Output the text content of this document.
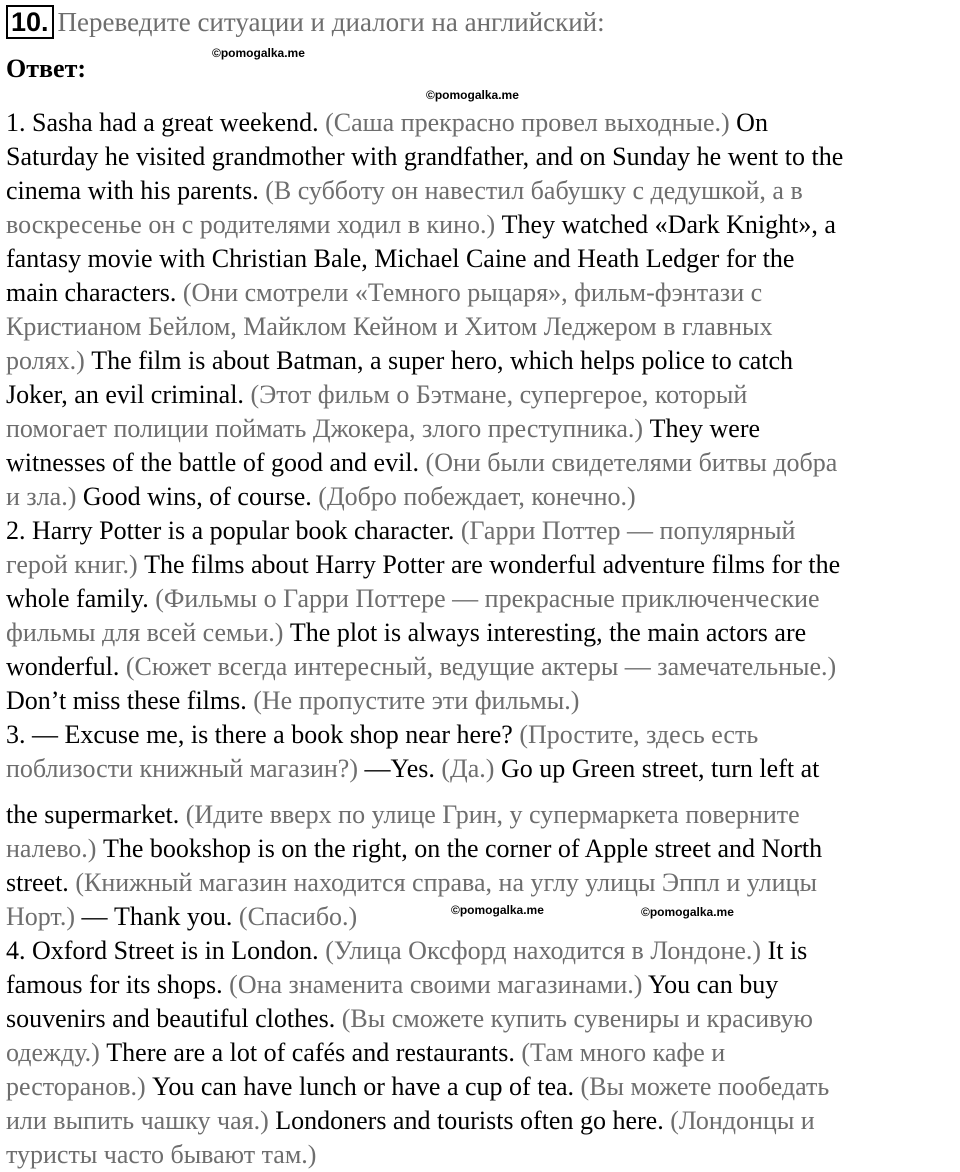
10. Переведите ситуации и диалоги на английский:
Ответ:
©pomogalka.me
©pomogalka.me
©pomogalka.me	©pomogalka.me
1. Sasha had a great weekend. (Саша прекрасно провел выходные.) On
Saturday he visited grandmother with grandfather, and on Sunday he went to the
cinema with his parents. (В субботу он навестил бабушку с дедушкой, а в
воскресенье он с родителями ходил в кино.) They watched «Dark Knight», a
fantasy movie with Christian Bale, Michael Caine and Heath Ledger for the
main characters. (Они смотрели «Темного рыцаря», фильм-фэнтази с
Кристианом Бейлом, Майклом Кейном и Хитом Леджером в главных
ролях.) The film is about Batman, a super hero, which helps police to catch
Joker, an evil criminal. (Этот фильм о Бэтмане, супергерое, который
помогает полиции поймать Джокера, злого преступника.) They were
witnesses of the battle of good and evil. (Они были свидетелями битвы добра
и зла.) Good wins, of course. (Добро побеждает, конечно.)
2. Harry Potter is a popular book character. (Гарри Поттер — популярный
герой книг.) The films about Harry Potter are wonderful adventure films for the
whole family. (Фильмы о Гарри Поттере — прекрасные приключенческие
фильмы для всей семьи.) The plot is always interesting, the main actors are
wonderful. (Сюжет всегда интересный, ведущие актеры — замечательные.)
Don’t miss these films. (Не пропустите эти фильмы.)
3. — Excuse me, is there a book shop near here? (Простите, здесь есть
поблизости книжный магазин?) —Yes. (Да.) Go up Green street, turn left at
the supermarket. (Идите вверх по улице Грин, у супермаркета поверните
налево.) The bookshop is on the right, on the corner of Apple street and North
street. (Книжный магазин находится справа, на углу улицы Эппл и улицы
Норт.) — Thank you. (Спасибо.)
4. Oxford Street is in London. (Улица Оксфорд находится в Лондоне.) It is
famous for its shops. (Она знаменита своими магазинами.) You can buy
souvenirs and beautiful clothes. (Вы сможете купить сувениры и красивую
одежду.) There are a lot of cafés and restaurants. (Там много кафе и
ресторанов.) You can have lunch or have a cup of tea. (Вы можете пообедать
или выпить чашку чая.) Londoners and tourists often go here. (Лондонцы и
туристы часто бывают там.)
